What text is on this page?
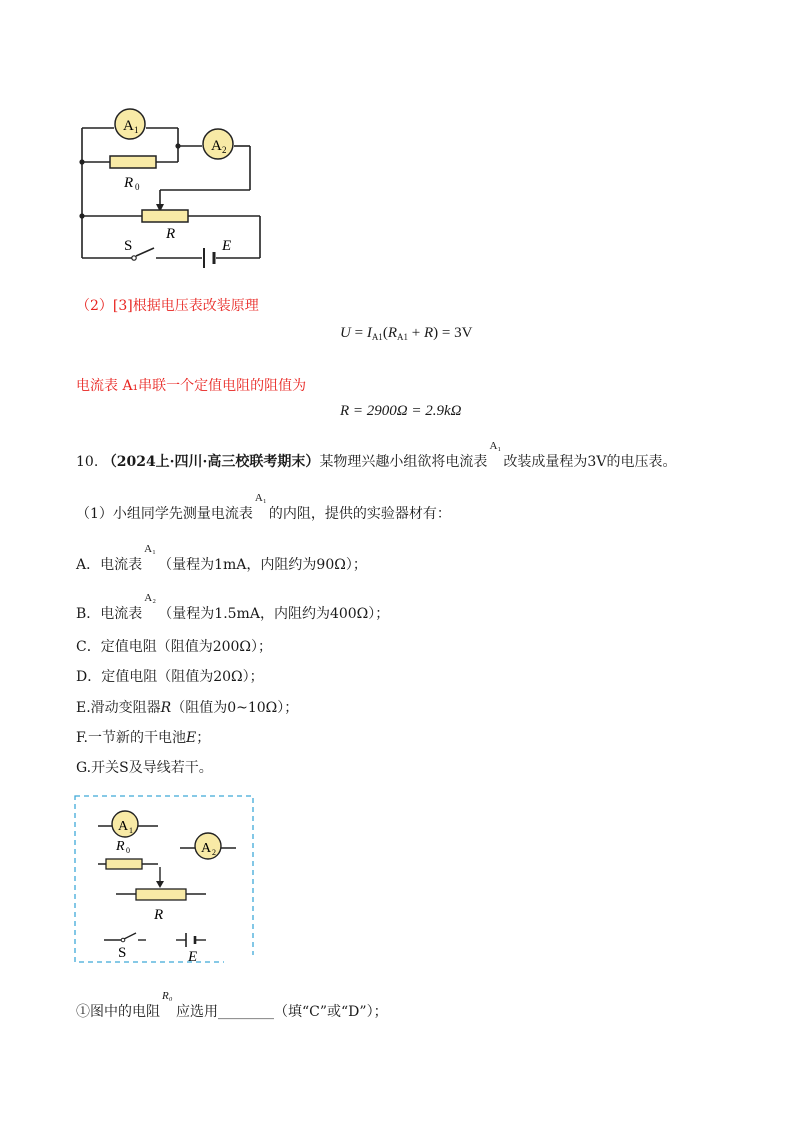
A 1
A 2
R 0
R
S	E
（2）[3]根据电压表改装原理
$U = I_{A1}(R_{A1} + R) = 3V$
电流表 A₁串联一个定值电阻的阻值为
R = 2900Ω = 2.9kΩ
10. （2024上·四川·高三校联考期末）某物理兴趣小组欲将电流表
A₁
改装成量程为3V的电压表。
（1）小组同学先测量电流表
A₁
的内阻，提供的实验器材有：
A．电流表
A₁
（量程为1mA，内阻约为90Ω）；
B．电流表
A₂
（量程为1.5mA，内阻约为400Ω）；
C．定值电阻（阻值为200Ω）；
D．定值电阻（阻值为20Ω）；
E.滑动变阻器R（阻值为0~10Ω）；
F.一节新的干电池E；
G.开关S及导线若干。
A 1
A 2
R 0
R
S	E
①图中的电阻
R₀
应选用________（填“C”或“D”）；
